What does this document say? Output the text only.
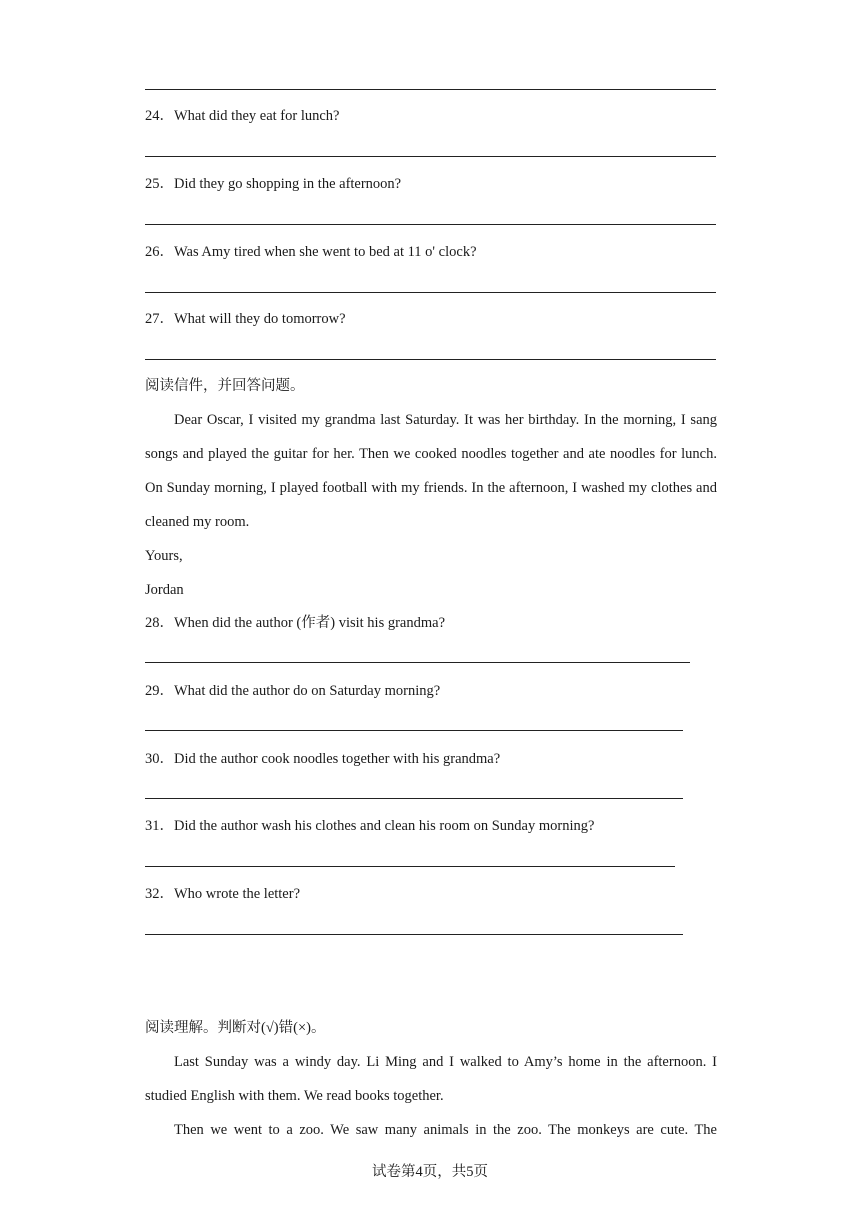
24．What did they eat for lunch?
25．Did they go shopping in the afternoon?
26．Was Amy tired when she went to bed at 11 o' clock?
27．What will they do tomorrow?
阅读信件，并回答问题。
Dear Oscar, I visited my grandma last Saturday. It was her birthday. In the morning, I sang songs and played the guitar for her. Then we cooked noodles together and ate noodles for lunch. On Sunday morning, I played football with my friends. In the afternoon, I washed my clothes and cleaned my room.
Yours,
Jordan
28．When did the author (作者) visit his grandma?
29．What did the author do on Saturday morning?
30．Did the author cook noodles together with his grandma?
31．Did the author wash his clothes and clean his room on Sunday morning?
32．Who wrote the letter?
阅读理解。判断对(√)错(×)。
Last Sunday was a windy day. Li Ming and I walked to Amy’s home in the afternoon. I studied English with them. We read books together.
Then we went to a zoo. We saw many animals in the zoo. The monkeys are cute. The
试卷第4页，共5页
